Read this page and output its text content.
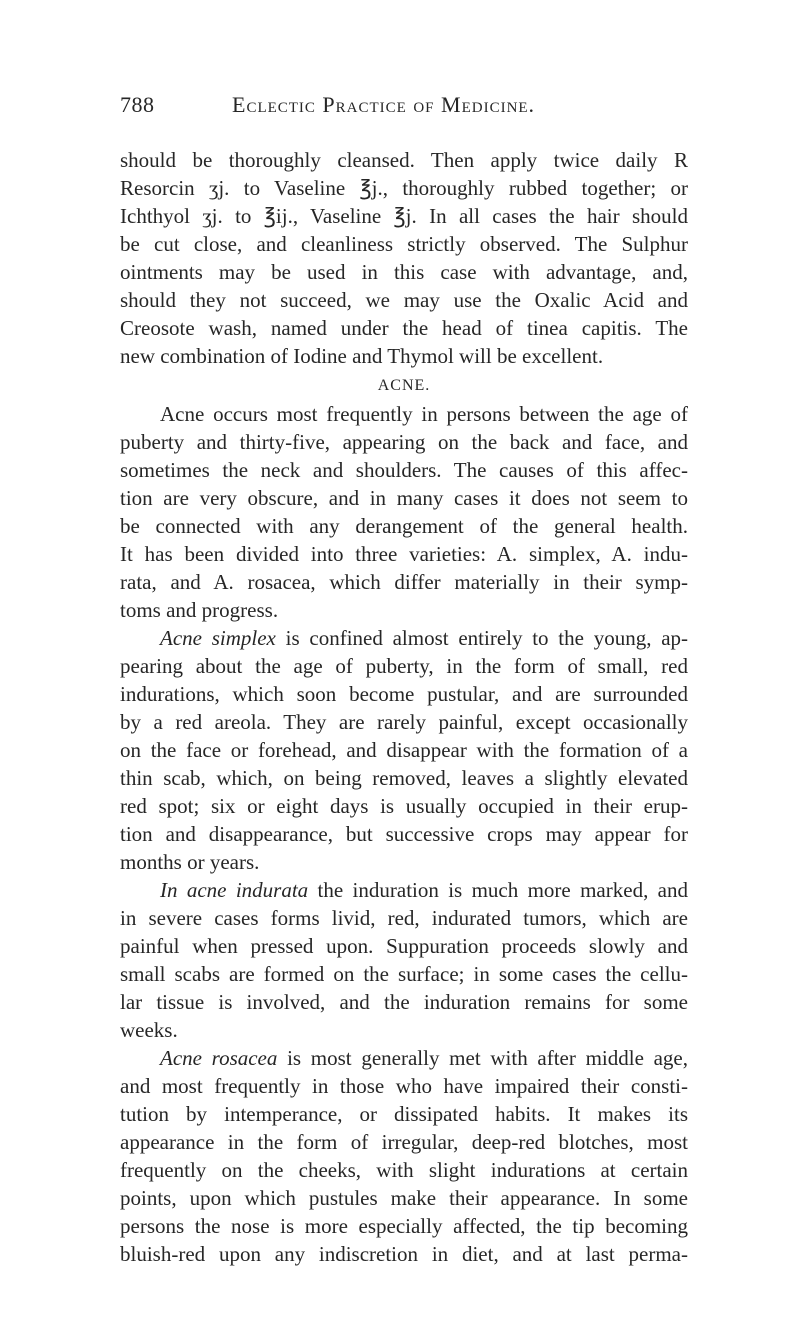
788	Eclectic Practice of Medicine.
should be thoroughly cleansed. Then apply twice daily R
Resorcin ʒj. to Vaseline ℥j., thoroughly rubbed together; or
Ichthyol ʒj. to ℥ij., Vaseline ℥j. In all cases the hair should
be cut close, and cleanliness strictly observed. The Sulphur
ointments may be used in this case with advantage, and,
should they not succeed, we may use the Oxalic Acid and
Creosote wash, named under the head of tinea capitis. The
new combination of Iodine and Thymol will be excellent.
ACNE.
Acne occurs most frequently in persons between the age of
puberty and thirty-five, appearing on the back and face, and
sometimes the neck and shoulders. The causes of this affec-
tion are very obscure, and in many cases it does not seem to
be connected with any derangement of the general health.
It has been divided into three varieties: A. simplex, A. indu-
rata, and A. rosacea, which differ materially in their symp-
toms and progress.
Acne simplex is confined almost entirely to the young, ap-
pearing about the age of puberty, in the form of small, red
indurations, which soon become pustular, and are surrounded
by a red areola. They are rarely painful, except occasionally
on the face or forehead, and disappear with the formation of a
thin scab, which, on being removed, leaves a slightly elevated
red spot; six or eight days is usually occupied in their erup-
tion and disappearance, but successive crops may appear for
months or years.
In acne indurata the induration is much more marked, and
in severe cases forms livid, red, indurated tumors, which are
painful when pressed upon. Suppuration proceeds slowly and
small scabs are formed on the surface; in some cases the cellu-
lar tissue is involved, and the induration remains for some
weeks.
Acne rosacea is most generally met with after middle age,
and most frequently in those who have impaired their consti-
tution by intemperance, or dissipated habits. It makes its
appearance in the form of irregular, deep-red blotches, most
frequently on the cheeks, with slight indurations at certain
points, upon which pustules make their appearance. In some
persons the nose is more especially affected, the tip becoming
bluish-red upon any indiscretion in diet, and at last perma-
